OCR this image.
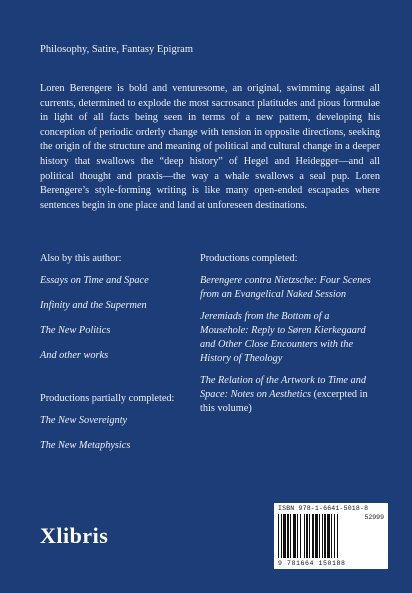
Philosophy, Satire, Fantasy Epigram
Loren Berengere is bold and venturesome, an original, swimming against all currents, determined to explode the most sacrosanct platitudes and pious formulae in light of all facts being seen in terms of a new pattern, developing his conception of periodic orderly change with tension in opposite directions, seeking the origin of the structure and meaning of political and cultural change in a deeper history that swallows the “deep history” of Hegel and Heidegger—and all political thought and praxis—the way a whale swallows a seal pup. Loren Berengere’s style-forming writing is like many open-ended escapades where sentences begin in one place and land at unforeseen destinations.

Also by this author:

Essays on Time and Space

Infinity and the Supermen

The New Politics

And other works

Productions completed:

Berengere contra Nietzsche: Four Scenes from an Evangelical Naked Session

Jeremiads from the Bottom of a Mousehole: Reply to Søren Kierkegaard and Other Close Encounters with the History of Theology

The Relation of the Artwork to Time and Space: Notes on Aesthetics (excerpted in this volume)

Productions partially completed:

The New Sovereignty

The New Metaphysics

Xlibris
ISBN 978-1-6641-5018-8
52999
9 781664 150188
